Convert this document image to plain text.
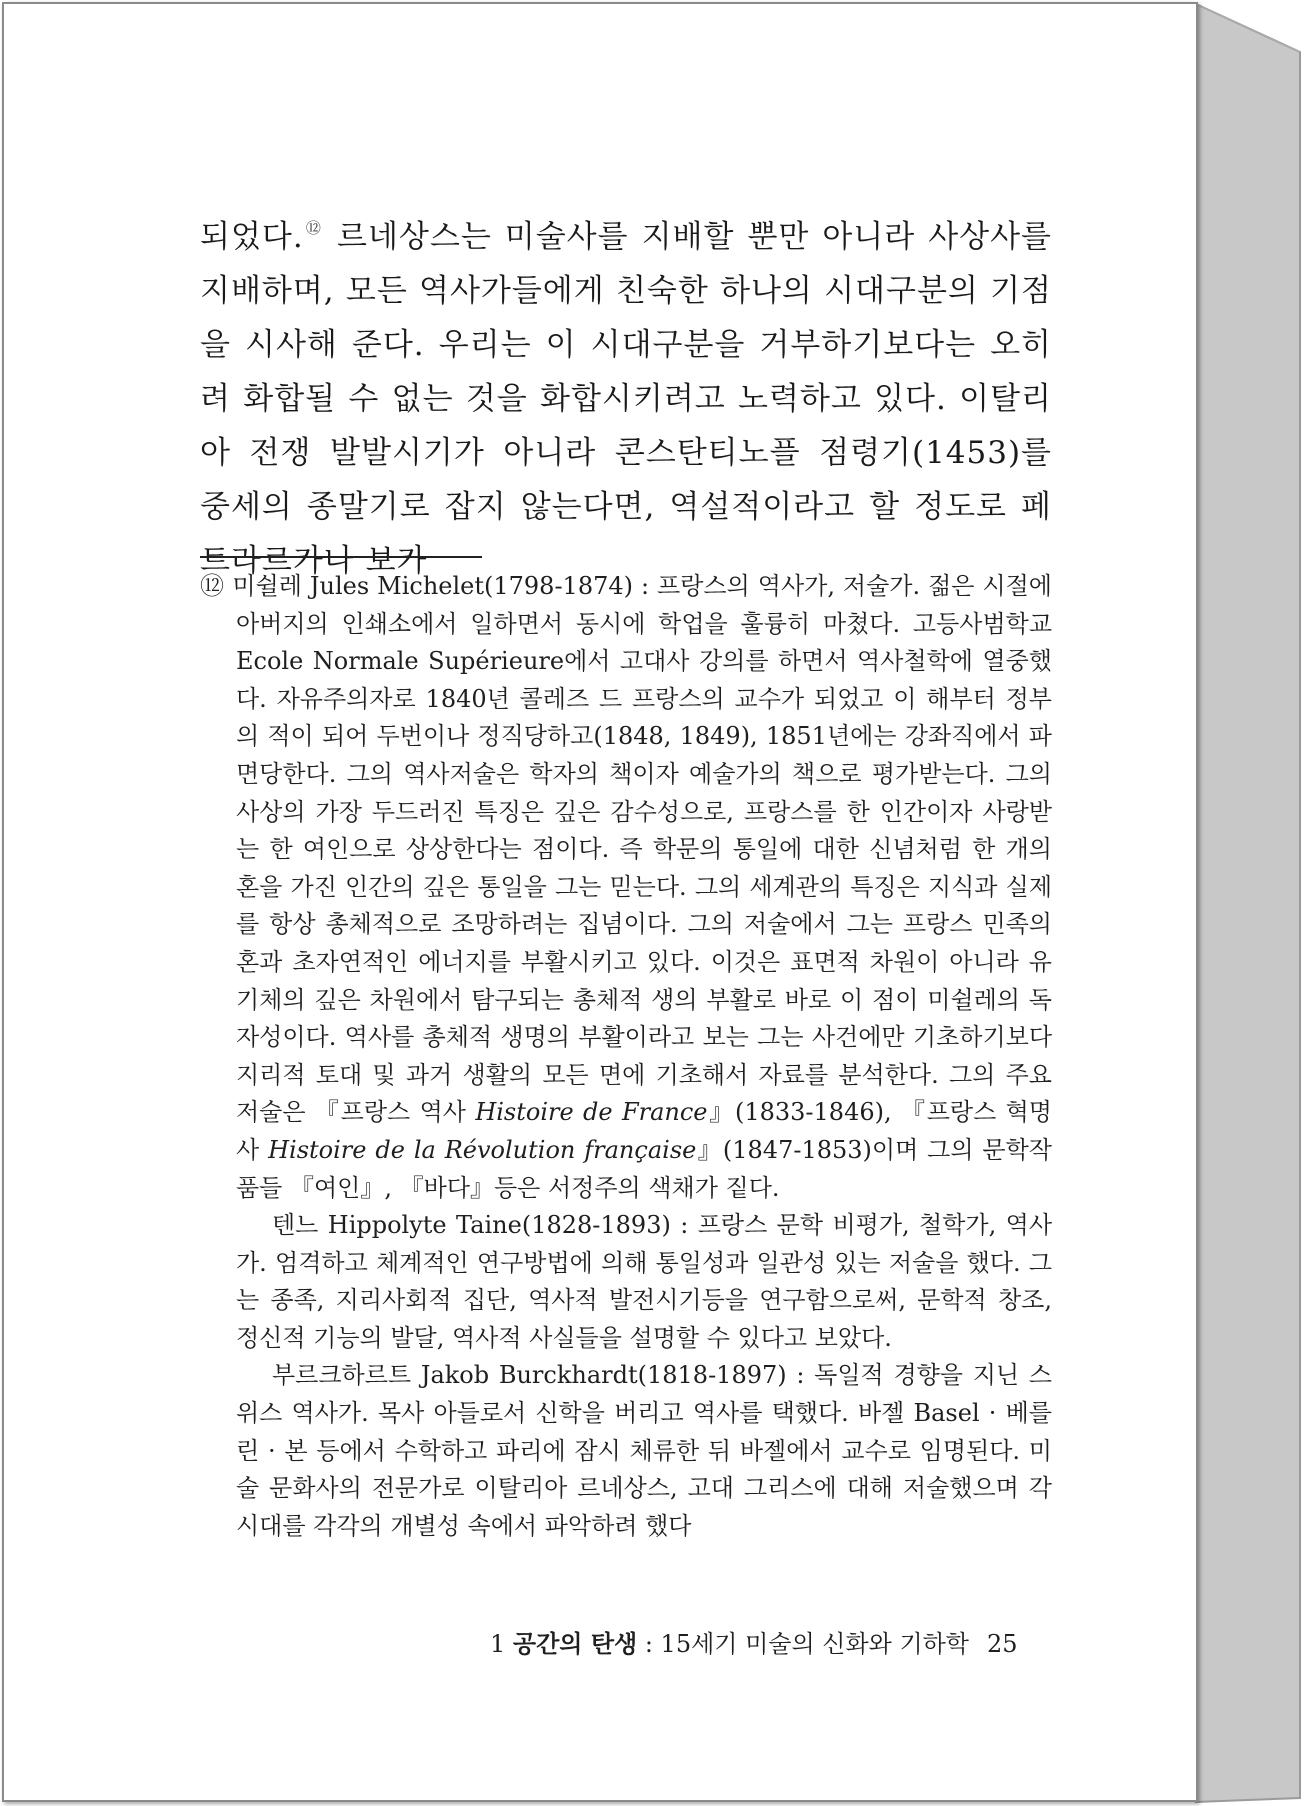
되었다.⑫ 르네상스는 미술사를 지배할 뿐만 아니라 사상사를 지배하며, 모든 역사가들에게 친숙한 하나의 시대구분의 기점을 시사해 준다. 우리는 이 시대구분을 거부하기보다는 오히려 화합될 수 없는 것을 화합시키려고 노력하고 있다. 이탈리아 전쟁 발발시기가 아니라 콘스탄티노플 점령기(1453)를 중세의 종말기로 잡지 않는다면, 역설적이라고 할 정도로 페트라르카나 보카

⑫ 미쉴레 Jules Michelet(1798-1874) : 프랑스의 역사가, 저술가. 젊은 시절에 아버지의 인쇄소에서 일하면서 동시에 학업을 훌륭히 마쳤다. 고등사범학교 Ecole Normale Supérieure에서 고대사 강의를 하면서 역사철학에 열중했다. 자유주의자로 1840년 콜레즈 드 프랑스의 교수가 되었고 이 해부터 정부의 적이 되어 두번이나 정직당하고(1848, 1849), 1851년에는 강좌직에서 파면당한다. 그의 역사저술은 학자의 책이자 예술가의 책으로 평가받는다. 그의 사상의 가장 두드러진 특징은 깊은 감수성으로, 프랑스를 한 인간이자 사랑받는 한 여인으로 상상한다는 점이다. 즉 학문의 통일에 대한 신념처럼 한 개의 혼을 가진 인간의 깊은 통일을 그는 믿는다. 그의 세계관의 특징은 지식과 실제를 항상 총체적으로 조망하려는 집념이다. 그의 저술에서 그는 프랑스 민족의 혼과 초자연적인 에너지를 부활시키고 있다. 이것은 표면적 차원이 아니라 유기체의 깊은 차원에서 탐구되는 총체적 생의 부활로 바로 이 점이 미쉴레의 독자성이다. 역사를 총체적 생명의 부활이라고 보는 그는 사건에만 기초하기보다 지리적 토대 및 과거 생활의 모든 면에 기초해서 자료를 분석한다. 그의 주요 저술은 『프랑스 역사 Histoire de France』(1833-1846), 『프랑스 혁명사 Histoire de la Révolution française』(1847-1853)이며 그의 문학작품들 『여인』, 『바다』등은 서정주의 색채가 짙다.

텐느 Hippolyte Taine(1828-1893) : 프랑스 문학 비평가, 철학가, 역사가. 엄격하고 체계적인 연구방법에 의해 통일성과 일관성 있는 저술을 했다. 그는 종족, 지리사회적 집단, 역사적 발전시기등을 연구함으로써, 문학적 창조, 정신적 기능의 발달, 역사적 사실들을 설명할 수 있다고 보았다.

부르크하르트 Jakob Burckhardt(1818-1897) : 독일적 경향을 지닌 스위스 역사가. 목사 아들로서 신학을 버리고 역사를 택했다. 바젤 Basel · 베를린 · 본 등에서 수학하고 파리에 잠시 체류한 뒤 바젤에서 교수로 임명된다. 미술 문화사의 전문가로 이탈리아 르네상스, 고대 그리스에 대해 저술했으며 각 시대를 각각의 개별성 속에서 파악하려 했다

1 공간의 탄생 : 15세기 미술의 신화와 기하학 25
